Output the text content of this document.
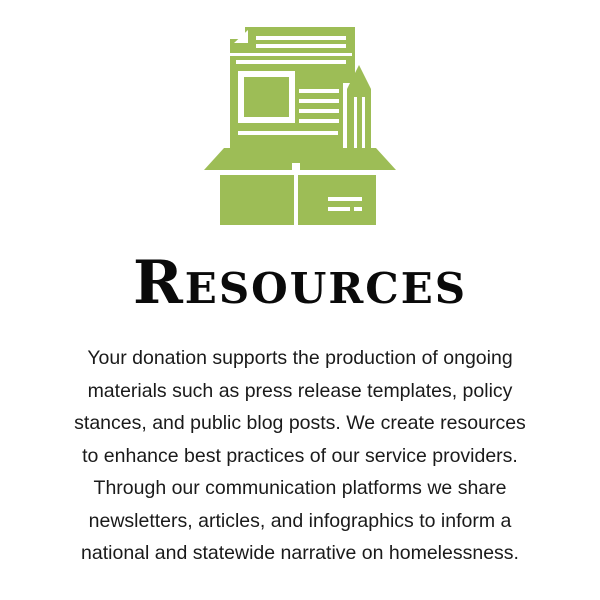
Resources
Your donation supports the production of ongoing
materials such as press release templates, policy
stances, and public blog posts. We create resources
to enhance best practices of our service providers.
Through our communication platforms we share
newsletters, articles, and infographics to inform a
national and statewide narrative on homelessness.
